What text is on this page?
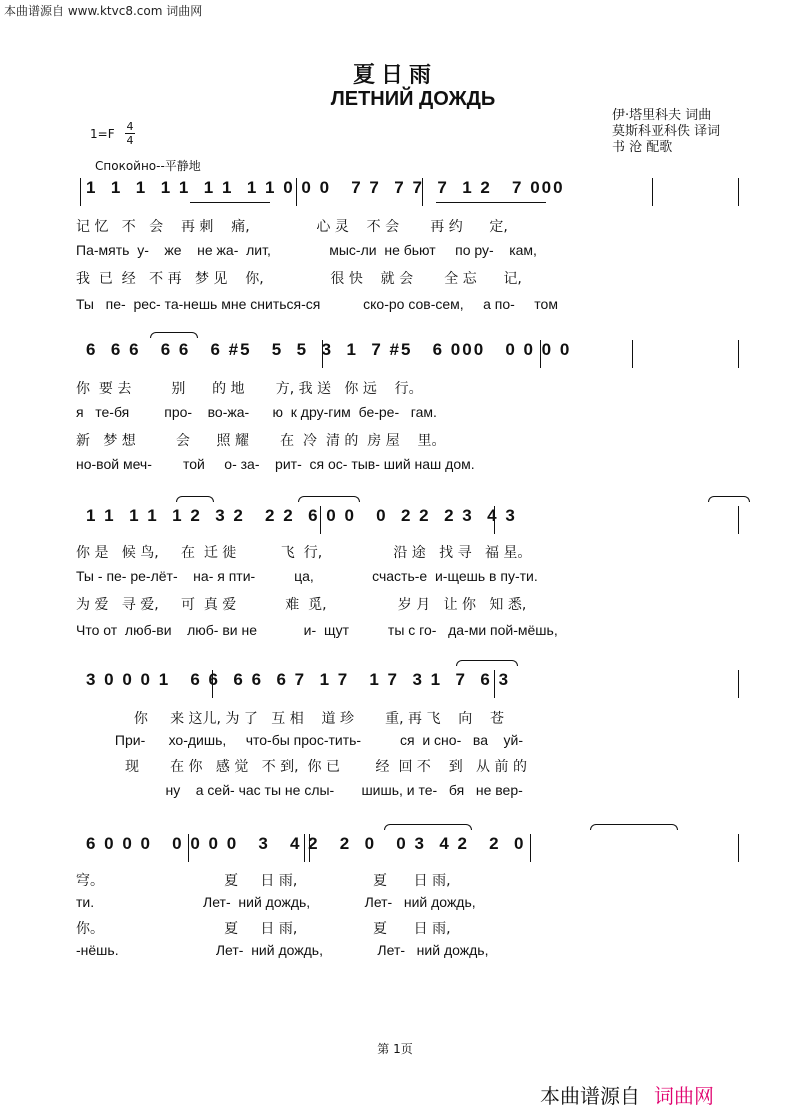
本曲谱源自 www.ktvc8.com 词曲网
夏日雨
ЛЕТНИЙ ДОЖДЬ
伊·塔里科夫 词曲
莫斯科亚科佚 译词
书 沧 配歌
1=F
4
4
Спокойно--平静地
1  1  1  1 1  1 1  1 1 0 0 0   7 7  7 7  7  1 2   7 000
记 忆   不   会    再 刺    痛,               心 灵    不 会       再 约      定,
Па-мять  у-    же    не жа-  лит,               мыс-ли  не бьют     по ру-    кам,
我  已  经   不 再   梦 见    你,               很 快    就 会       全 忘      记,
Ты   пе-  рес- та-нешь мне сниться-ся           ско-ро сов-сем,     а по-     том
6  6 6   6 6   6 #5   5  5  3  1  7 #5   6 000   0 0 0 0
你  要 去         别      的 地       方, 我 送   你 远    行。
я   те-бя         про-    во-жа-      ю  к дру-гим  бе-ре-   гам.
新   梦 想         会      照 耀       在  冷  清 的  房 屋    里。
но-вой меч-        той     о- за-    рит-  ся ос- тыв- ший наш дом.
1 1  1 1  1 2  3 2   2 2  6 0 0   0  2 2  2 3  4 3
你 是   候 鸟,     在  迁 徙          飞  行,                沿 途   找 寻   福 星。
Ты - пе- ре-лёт-    на- я пти-          ца,               счасть-е  и-щешь в пу-ти.
为 爱   寻 爱,     可  真 爱           难  觅,                岁 月   让 你   知 悉,
Что от  люб-ви    люб- ви не            и-  щут          ты с го-   да-ми пой-мёшь,
3 0 0 0 1   6 6  6 6  6 7  1 7   1 7  3 1  7  6 3
你     来 这儿, 为 了   互 相    道 珍       重, 再 飞    向    苍
При-      хо-дишь,     что-бы прос-тить-          ся  и сно-   ва    уй-
现       在 你   感 觉   不 到,  你 已        经  回 不    到   从 前 的
ну    а сей- час ты не слы-       шишь, и те-   бя   не вер-
6 0 0 0   0 0 0 0   3   4 2   2  0   0 3  4 2   2  0
穹。                           夏     日 雨,                 夏      日 雨,
ти.                            Лет-  ний дождь,              Лет-   ний дождь,
你。                           夏     日 雨,                 夏      日 雨,
-нёшь.                         Лет-  ний дождь,              Лет-   ний дождь,
第 1页
本曲谱源自 词曲网
